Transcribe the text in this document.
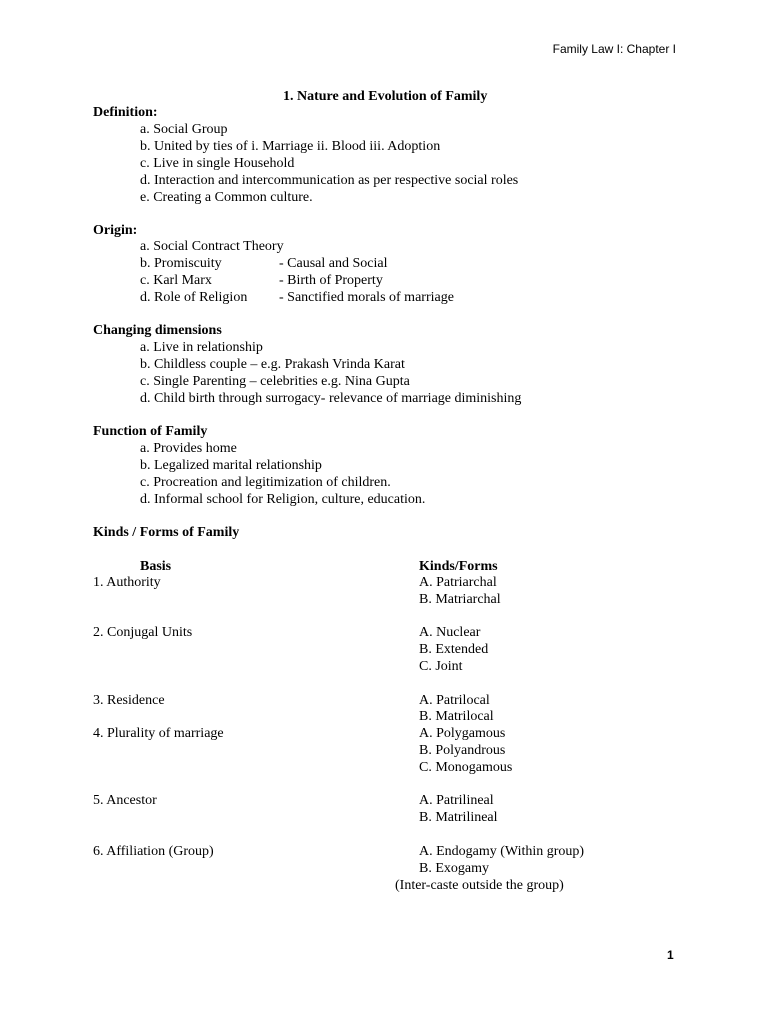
Family Law I: Chapter I
1. Nature and Evolution of Family
Definition:
a. Social Group
b. United by ties of i. Marriage ii. Blood iii. Adoption
c. Live in single Household
d. Interaction and intercommunication as per respective social roles
e. Creating a Common culture.
Origin:
a. Social Contract Theory
b. Promiscuity	- Causal and Social
c. Karl Marx	- Birth of Property
d. Role of Religion - Sanctified morals of marriage
Changing dimensions
a. Live in relationship
b. Childless couple – e.g. Prakash Vrinda Karat
c. Single Parenting – celebrities e.g. Nina Gupta
d. Child birth through surrogacy- relevance of marriage diminishing
Function of Family
a. Provides home
b. Legalized marital relationship
c. Procreation and legitimization of children.
d. Informal school for Religion, culture, education.
Kinds / Forms of Family
Basis	Kinds/Forms
1. Authority	A. Patriarchal
B. Matriarchal
2. Conjugal Units	A. Nuclear
B. Extended
C. Joint
3. Residence	A. Patrilocal
B. Matrilocal
4. Plurality of marriage	A. Polygamous
B. Polyandrous
C. Monogamous
5. Ancestor	A. Patrilineal
B. Matrilineal
6. Affiliation (Group)	A. Endogamy (Within group)
B. Exogamy
(Inter-caste outside the group)
1
